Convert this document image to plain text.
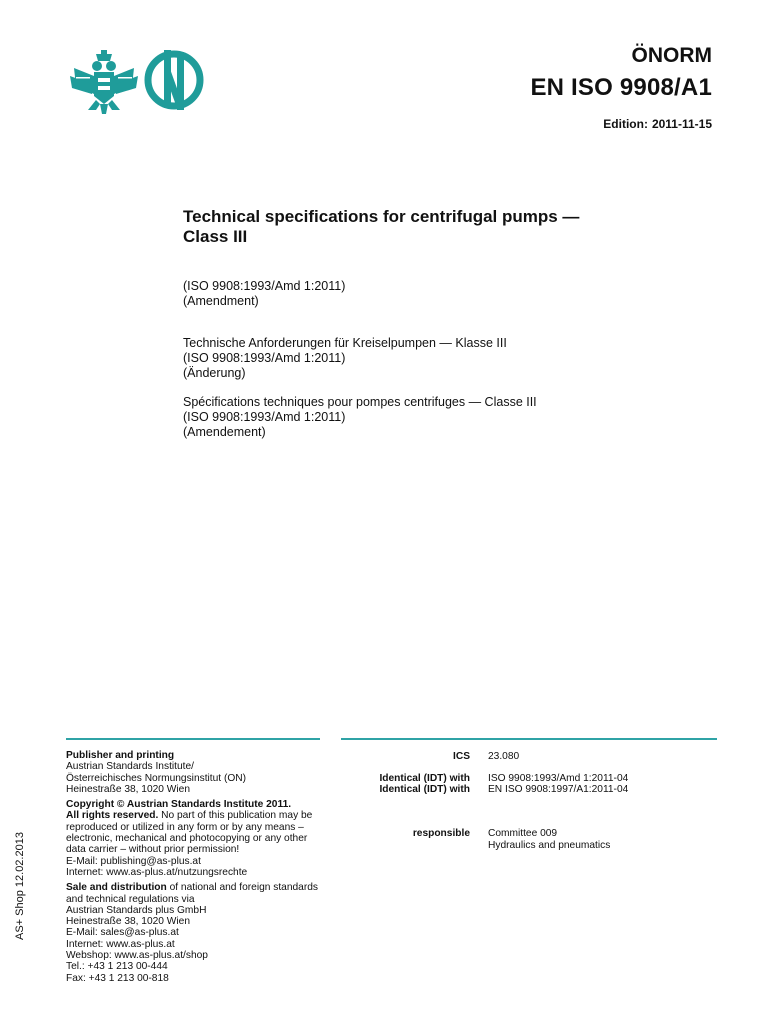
ÖNORM
EN ISO 9908/A1
Edition: 2011-11-15
Technical specifications for centrifugal pumps —
Class III
(ISO 9908:1993/Amd 1:2011)
(Amendment)
Technische Anforderungen für Kreiselpumpen — Klasse III
(ISO 9908:1993/Amd 1:2011)
(Änderung)
Spécifications techniques pour pompes centrifuges — Classe III
(ISO 9908:1993/Amd 1:2011)
(Amendement)
Publisher and printing
Austrian Standards Institute/
Österreichisches Normungsinstitut (ON)
Heinestraße 38, 1020 Wien
Copyright © Austrian Standards Institute 2011.
All rights reserved. No part of this publication may be reproduced or utilized in any form or by any means – electronic, mechanical and photocopying or any other data carrier – without prior permission!
E-Mail: publishing@as-plus.at
Internet: www.as-plus.at/nutzungsrechte
Sale and distribution of national and foreign standards and technical regulations via
Austrian Standards plus GmbH
Heinestraße 38, 1020 Wien
E-Mail: sales@as-plus.at
Internet: www.as-plus.at
Webshop: www.as-plus.at/shop
Tel.: +43 1 213 00-444
Fax: +43 1 213 00-818
ICS 23.080
Identical (IDT) with ISO 9908:1993/Amd 1:2011-04
Identical (IDT) with EN ISO 9908:1997/A1:2011-04
responsible Committee 009
Hydraulics and pneumatics
AS+ Shop 12.02.2013
